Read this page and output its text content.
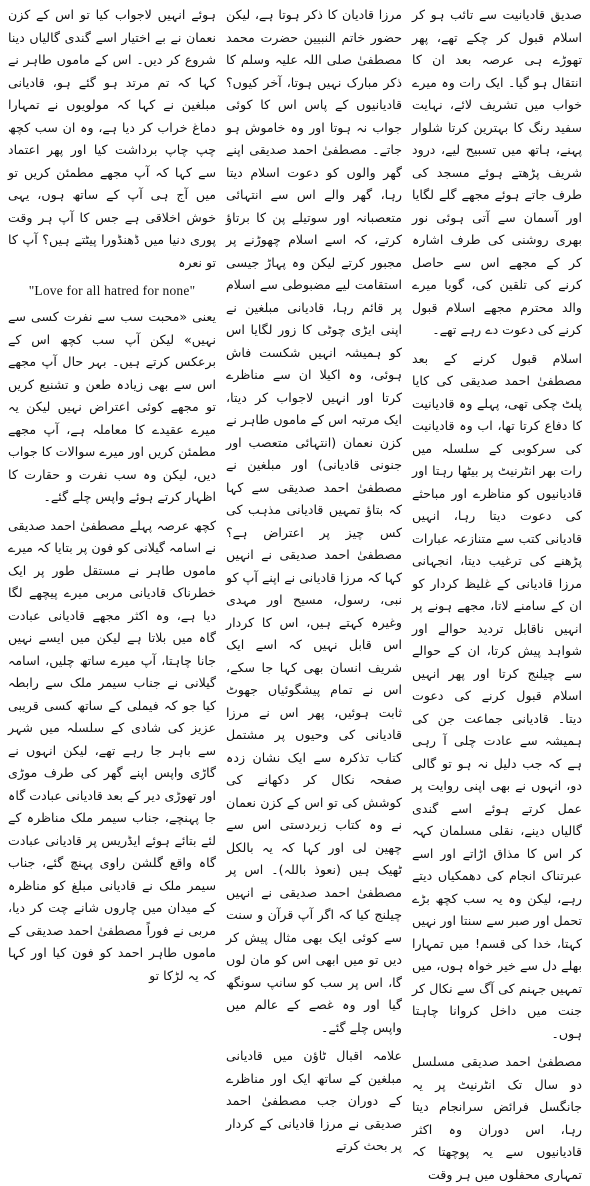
صدیق قادیانیت سے تائب ہو کر اسلام قبول کر چکے تھے، پھر تھوڑے ہی عرصہ بعد ان کا انتقال ہو گیا۔ ایک رات وہ میرے خواب میں تشریف لائے، نہایت سفید رنگ کا بہترین کرتا شلوار پہنے، ہاتھ میں تسبیح لیے، درود شریف پڑھتے ہوئے مسجد کی طرف جاتے ہوئے مجھے گلے لگایا اور آسمان سے آتی ہوئی نور بھری روشنی کی طرف اشارہ کر کے مجھے اس سے حاصل کرنے کی تلقین کی، گویا میرے والد محترم مجھے اسلام قبول کرنے کی دعوت دے رہے تھے۔

اسلام قبول کرنے کے بعد مصطفیٰ احمد صدیقی کی کایا پلٹ چکی تھی، پہلے وہ قادیانیت کا دفاع کرتا تھا، اب وہ قادیانیت کی سرکوبی کے سلسلہ میں رات بھر انٹرنیٹ پر بیٹھا رہتا اور قادیانیوں کو مناظرے اور مباحثے کی دعوت دیتا رہا، انہیں قادیانی کتب سے متنازعہ عبارات پڑھنے کی ترغیب دیتا، انجہانی مرزا قادیانی کے غلیظ کردار کو ان کے سامنے لاتا، مجھے ہونے پر انہیں ناقابل تردید حوالے اور شواہد پیش کرتا، ان کے حوالے سے چیلنج کرتا اور پھر انہیں اسلام قبول کرنے کی دعوت دیتا۔ قادیانی جماعت جن کی ہمیشہ سے عادت چلی آ رہی ہے کہ جب دلیل نہ ہو تو گالی دو، انہوں نے بھی اپنی روایت پر عمل کرتے ہوئے اسے گندی گالیاں دینے، نقلی مسلمان کہہ کر اس کا مذاق اڑاتے اور اسے عبرتناک انجام کی دھمکیاں دیتے رہے، لیکن وہ یہ سب کچھ بڑے تحمل اور صبر سے سنتا اور نہیں کہتا، خدا کی قسم! میں تمہارا بھلے دل سے خیر خواہ ہوں، میں تمہیں جہنم کی آگ سے نکال کر جنت میں داخل کروانا چاہتا ہوں۔

مصطفیٰ احمد صدیقی مسلسل دو سال تک انٹرنیٹ پر یہ جانگسل فرائض سرانجام دیتا رہا، اس دوران وہ اکثر قادیانیوں سے یہ پوچھتا کہ تمہاری محفلوں میں ہر وقت

مرزا قادیان کا ذکر ہوتا ہے، لیکن حضور خاتم النبیین حضرت محمد مصطفیٰ صلی اللہ علیہ وسلم کا ذکر مبارک نہیں ہوتا، آخر کیوں؟ قادیانیوں کے پاس اس کا کوئی جواب نہ ہوتا اور وہ خاموش ہو جاتے۔ مصطفیٰ احمد صدیقی اپنے گھر والوں کو دعوت اسلام دیتا رہا، گھر والے اس سے انتہائی متعصبانہ اور سوتیلے پن کا برتاؤ کرتے، کہ اسے اسلام چھوڑنے پر مجبور کرتے لیکن وہ پہاڑ جیسی استقامت لیے مضبوطی سے اسلام پر قائم رہا، قادیانی مبلغین نے اپنی ایڑی چوٹی کا زور لگایا اس کو ہمیشہ انہیں شکست فاش ہوئی، وہ اکیلا ان سے مناظرے کرتا اور انہیں لاجواب کر دیتا، ایک مرتبہ اس کے ماموں طاہر نے کزن نعمان (انتہائی متعصب اور جنونی قادیانی) اور مبلغین نے مصطفیٰ احمد صدیقی سے کہا کہ بتاؤ تمہیں قادیانی مذہب کی کس چیز پر اعتراض ہے؟ مصطفیٰ احمد صدیقی نے انہیں کہا کہ مرزا قادیانی نے اپنے آپ کو نبی، رسول، مسیح اور مہدی وغیرہ کہتے ہیں، اس کا کردار اس قابل نہیں کہ اسے ایک شریف انسان بھی کہا جا سکے، اس نے تمام پیشگوئیاں جھوٹ ثابت ہوئیں، پھر اس نے مرزا قادیانی کی وحیوں پر مشتمل کتاب تذکرہ سے ایک نشان زدہ صفحہ نکال کر دکھانے کی کوشش کی تو اس کے کزن نعمان نے وہ کتاب زبردستی اس سے چھین لی اور کہا کہ یہ بالکل ٹھیک ہیں (نعوذ باللہ)۔ اس پر مصطفیٰ احمد صدیقی نے انہیں چیلنج کیا کہ اگر آپ قرآن و سنت سے کوئی ایک بھی مثال پیش کر دیں تو میں ابھی اس کو مان لوں گا، اس پر سب کو سانپ سونگھ گیا اور وہ غصے کے عالم میں واپس چلے گئے۔

علامہ اقبال ٹاؤن میں قادیانی مبلغین کے ساتھ ایک اور مناظرے کے دوران جب مصطفیٰ احمد صدیقی نے مرزا قادیانی کے کردار پر بحث کرتے

ہوئے انہیں لاجواب کیا تو اس کے کزن نعمان نے بے اختیار اسے گندی گالیاں دینا شروع کر دیں۔ اس کے ماموں طاہر نے کہا کہ تم مرتد ہو گئے ہو، قادیانی مبلغین نے کہا کہ مولویوں نے تمہارا دماغ خراب کر دیا ہے، وہ ان سب کچھ چپ چاپ برداشت کیا اور پھر اعتماد سے کہا کہ آپ مجھے مطمئن کریں تو میں آج ہی آپ کے ساتھ ہوں، یہی خوش اخلاقی ہے جس کا آپ ہر وقت پوری دنیا میں ڈھنڈورا پیٹتے ہیں؟ آپ کا تو نعرہ

"Love for all hatred for none"

یعنی «محبت سب سے نفرت کسی سے نہیں» لیکن آپ سب کچھ اس کے برعکس کرتے ہیں۔ بہر حال آپ مجھے اس سے بھی زیادہ طعن و تشنیع کریں تو مجھے کوئی اعتراض نہیں لیکن یہ میرے عقیدے کا معاملہ ہے، آپ مجھے مطمئن کریں اور میرے سوالات کا جواب دیں، لیکن وہ سب نفرت و حقارت کا اظہار کرتے ہوئے واپس چلے گئے۔

کچھ عرصہ پہلے مصطفیٰ احمد صدیقی نے اسامہ گیلانی کو فون پر بتایا کہ میرے ماموں طاہر نے مستقل طور پر ایک خطرناک قادیانی مربی میرے پیچھے لگا دیا ہے، وہ اکثر مجھے قادیانی عبادت گاہ میں بلاتا ہے لیکن میں ایسے نہیں جانا چاہتا، آپ میرے ساتھ چلیں، اسامہ گیلانی نے جناب سیمر ملک سے رابطہ کیا جو کہ فیملی کے ساتھ کسی قریبی عزیز کی شادی کے سلسلہ میں شہر سے باہر جا رہے تھے، لیکن انہوں نے گاڑی واپس اپنے گھر کی طرف موڑی اور تھوڑی دیر کے بعد قادیانی عبادت گاہ جا پہنچے، جناب سیمر ملک مناظرہ کے لئے بتائے ہوئے ایڈریس پر قادیانی عبادت گاہ واقع گلشن راوی پہنچ گئے، جناب سیمر ملک نے قادیانی مبلغ کو مناظرہ کے میدان میں چاروں شانے چت کر دیا، مربی نے فوراً مصطفیٰ احمد صدیقی کے ماموں طاہر احمد کو فون کیا اور کہا کہ یہ لڑکا تو
